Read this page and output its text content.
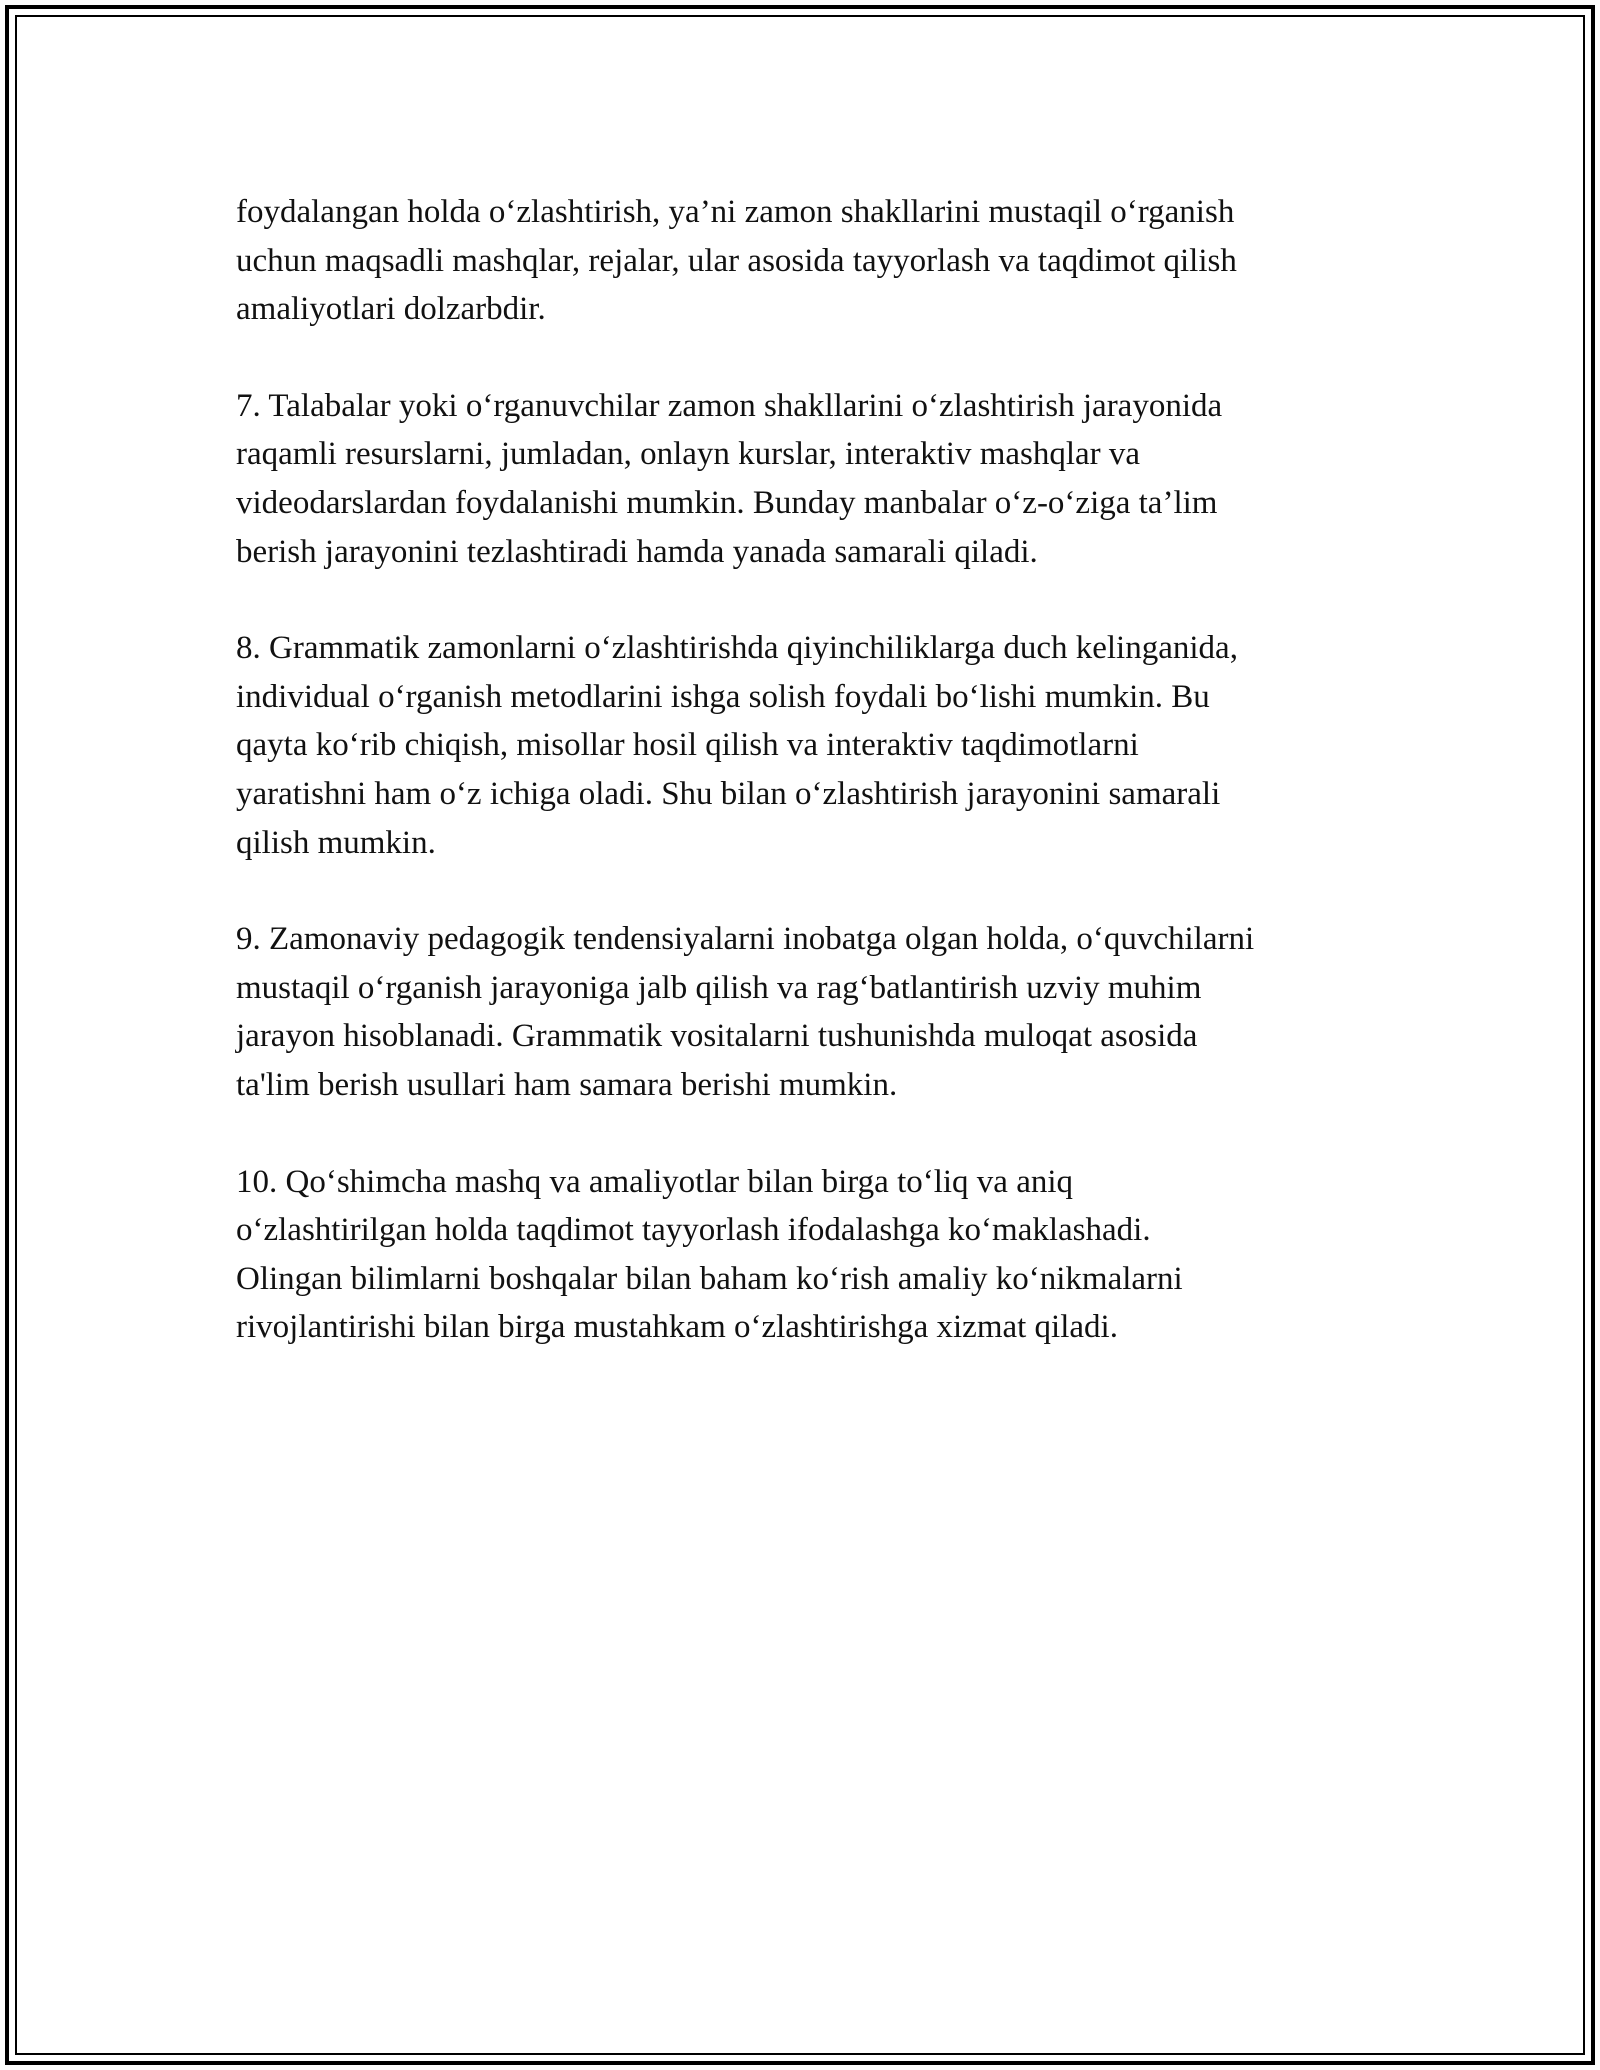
foydalangan holda oʻzlashtirish, ya’ni zamon shakllarini mustaqil oʻrganish
uchun maqsadli mashqlar, rejalar, ular asosida tayyorlash va taqdimot qilish
amaliyotlari dolzarbdir.

7. Talabalar yoki oʻrganuvchilar zamon shakllarini oʻzlashtirish jarayonida
raqamli resurslarni, jumladan, onlayn kurslar, interaktiv mashqlar va
videodarslardan foydalanishi mumkin. Bunday manbalar oʻz-oʻziga ta’lim
berish jarayonini tezlashtiradi hamda yanada samarali qiladi.

8. Grammatik zamonlarni oʻzlashtirishda qiyinchiliklarga duch kelinganida,
individual oʻrganish metodlarini ishga solish foydali boʻlishi mumkin. Bu
qayta koʻrib chiqish, misollar hosil qilish va interaktiv taqdimotlarni
yaratishni ham oʻz ichiga oladi. Shu bilan oʻzlashtirish jarayonini samarali
qilish mumkin.

9. Zamonaviy pedagogik tendensiyalarni inobatga olgan holda, oʻquvchilarni
mustaqil oʻrganish jarayoniga jalb qilish va ragʻbatlantirish uzviy muhim
jarayon hisoblanadi. Grammatik vositalarni tushunishda muloqat asosida
ta'lim berish usullari ham samara berishi mumkin.

10. Qoʻshimcha mashq va amaliyotlar bilan birga toʻliq va aniq
oʻzlashtirilgan holda taqdimot tayyorlash ifodalashga koʻmaklashadi.
Olingan bilimlarni boshqalar bilan baham koʻrish amaliy koʻnikmalarni
rivojlantirishi bilan birga mustahkam oʻzlashtirishga xizmat qiladi.
